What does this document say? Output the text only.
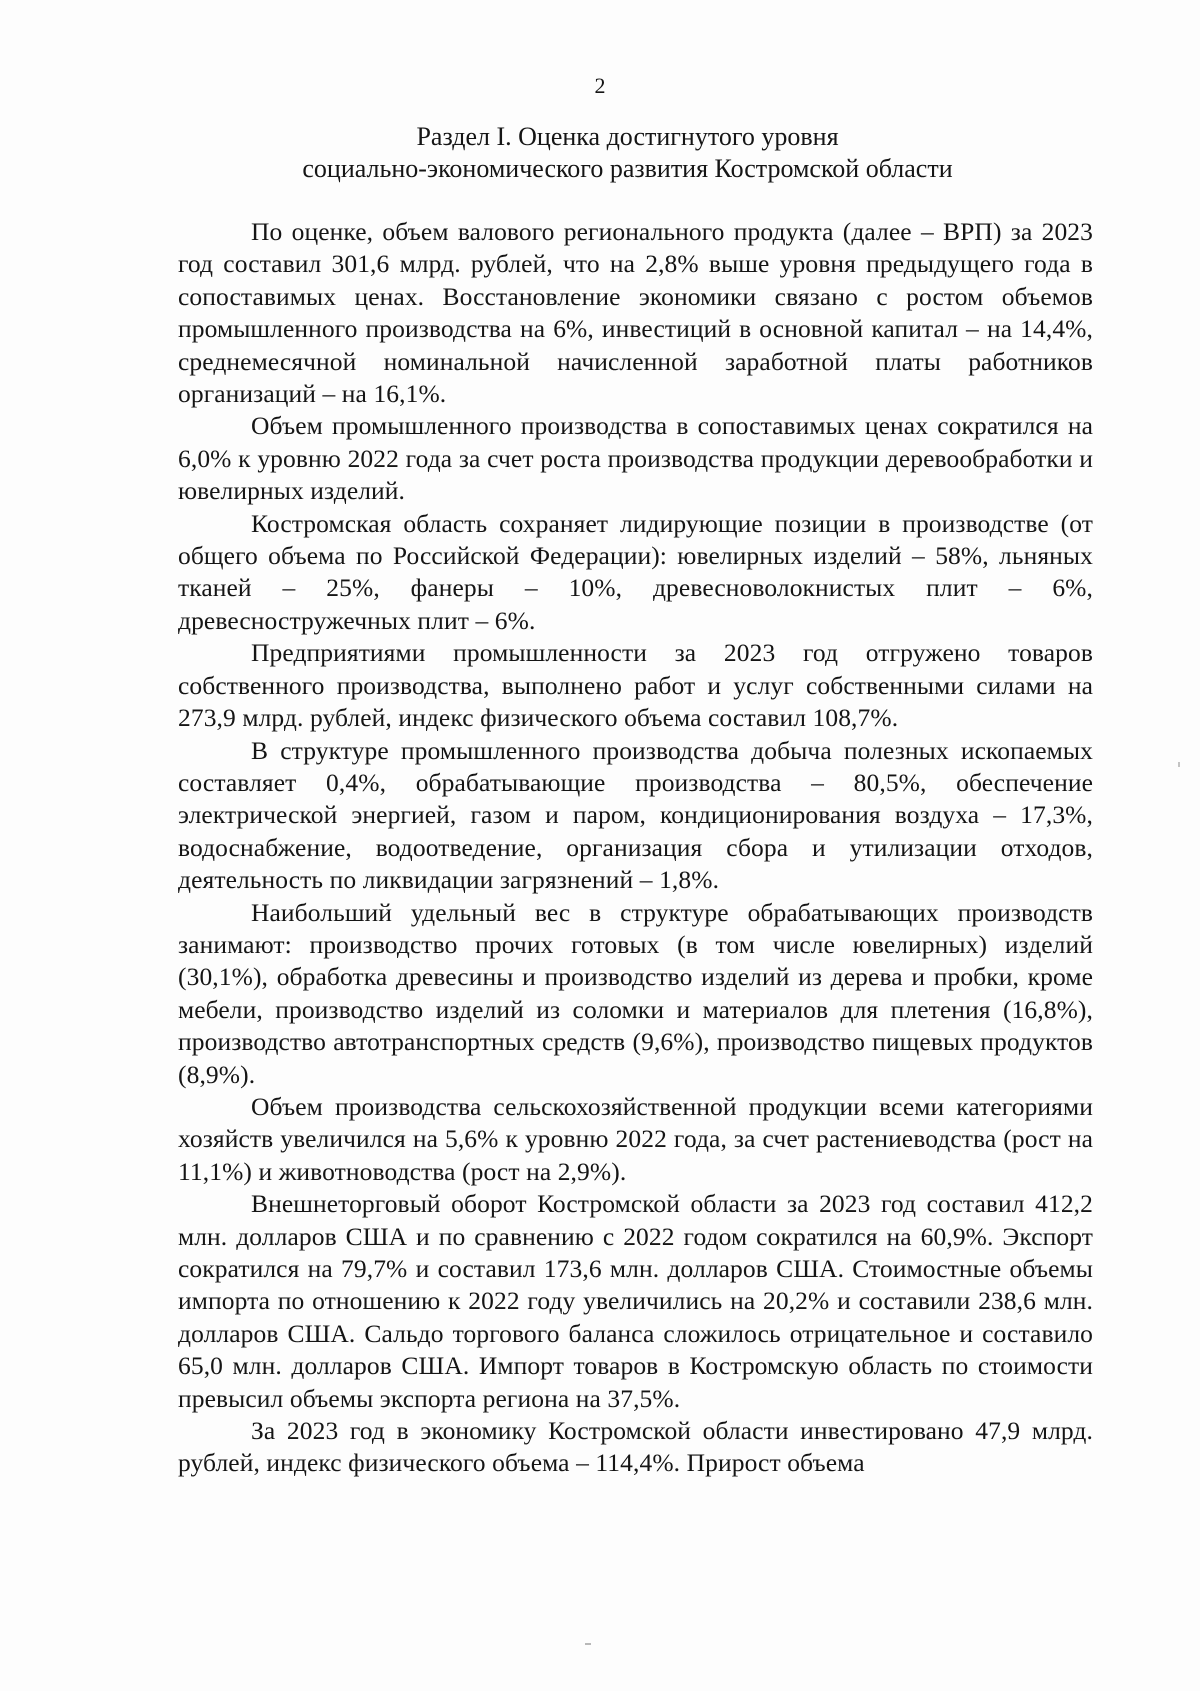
2
Раздел I. Оценка достигнутого уровня
социально-экономического развития Костромской области

По оценке, объем валового регионального продукта (далее – ВРП) за 2023 год составил 301,6 млрд. рублей, что на 2,8% выше уровня предыдущего года в сопоставимых ценах. Восстановление экономики связано с ростом объемов промышленного производства на 6%, инвестиций в основной капитал – на 14,4%, среднемесячной номинальной начисленной заработной платы работников организаций – на 16,1%.

Объем промышленного производства в сопоставимых ценах сократился на 6,0% к уровню 2022 года за счет роста производства продукции деревообработки и ювелирных изделий.

Костромская область сохраняет лидирующие позиции в производстве (от общего объема по Российской Федерации): ювелирных изделий – 58%, льняных тканей – 25%, фанеры – 10%, древесноволокнистых плит – 6%, древесностружечных плит – 6%.

Предприятиями промышленности за 2023 год отгружено товаров собственного производства, выполнено работ и услуг собственными силами на 273,9 млрд. рублей, индекс физического объема составил 108,7%.

В структуре промышленного производства добыча полезных ископаемых составляет 0,4%, обрабатывающие производства – 80,5%, обеспечение электрической энергией, газом и паром, кондиционирования воздуха – 17,3%, водоснабжение, водоотведение, организация сбора и утилизации отходов, деятельность по ликвидации загрязнений – 1,8%.

Наибольший удельный вес в структуре обрабатывающих производств занимают: производство прочих готовых (в том числе ювелирных) изделий (30,1%), обработка древесины и производство изделий из дерева и пробки, кроме мебели, производство изделий из соломки и материалов для плетения (16,8%), производство автотранспортных средств (9,6%), производство пищевых продуктов (8,9%).

Объем производства сельскохозяйственной продукции всеми категориями хозяйств увеличился на 5,6% к уровню 2022 года, за счет растениеводства (рост на 11,1%) и животноводства (рост на 2,9%).

Внешнеторговый оборот Костромской области за 2023 год составил 412,2 млн. долларов США и по сравнению с 2022 годом сократился на 60,9%. Экспорт сократился на 79,7% и составил 173,6 млн. долларов США. Стоимостные объемы импорта по отношению к 2022 году увеличились на 20,2% и составили 238,6 млн. долларов США. Сальдо торгового баланса сложилось отрицательное и составило 65,0 млн. долларов США. Импорт товаров в Костромскую область по стоимости превысил объемы экспорта региона на 37,5%.

За 2023 год в экономику Костромской области инвестировано 47,9 млрд. рублей, индекс физического объема – 114,4%. Прирост объема
